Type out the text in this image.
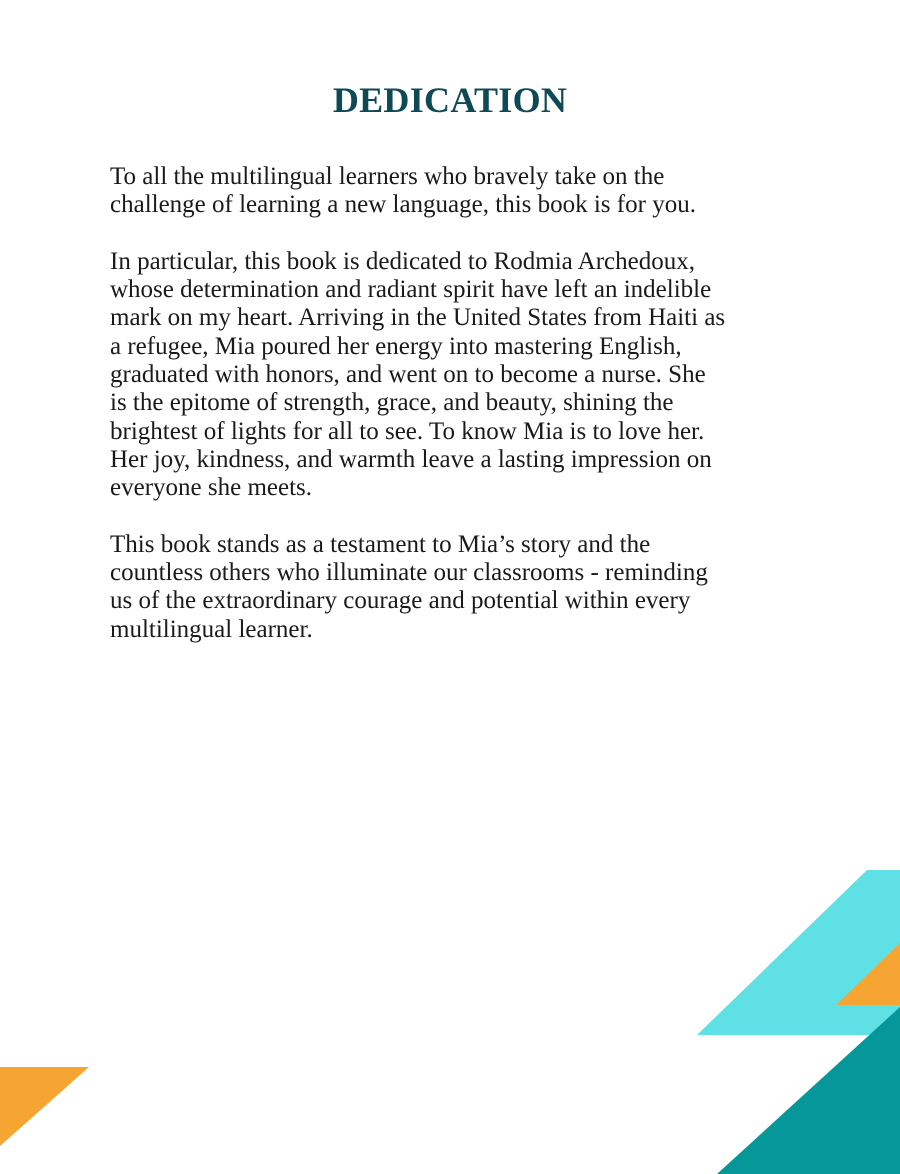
DEDICATION

To all the multilingual learners who bravely take on the
challenge of learning a new language, this book is for you.

In particular, this book is dedicated to Rodmia Archedoux,
whose determination and radiant spirit have left an indelible
mark on my heart. Arriving in the United States from Haiti as
a refugee, Mia poured her energy into mastering English,
graduated with honors, and went on to become a nurse. She
is the epitome of strength, grace, and beauty, shining the
brightest of lights for all to see. To know Mia is to love her.
Her joy, kindness, and warmth leave a lasting impression on
everyone she meets.

This book stands as a testament to Mia’s story and the
countless others who illuminate our classrooms - reminding
us of the extraordinary courage and potential within every
multilingual learner.
